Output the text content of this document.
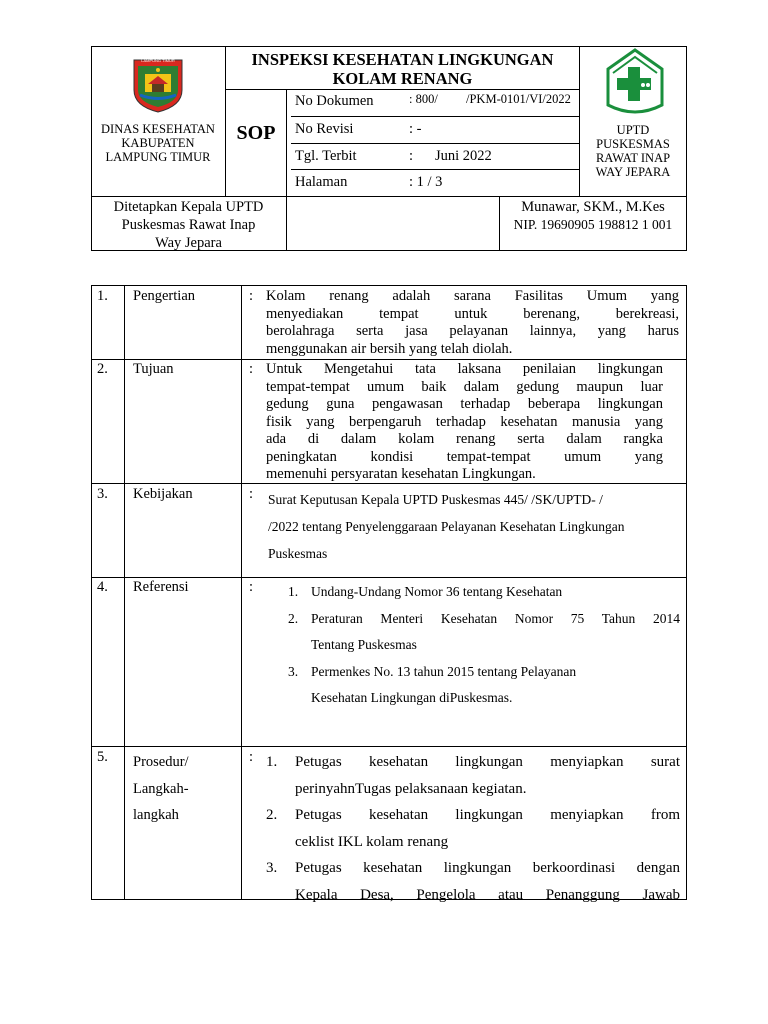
LAMPUNG TIMUR
DINAS KESEHATAN
KABUPATEN
LAMPUNG TIMUR
INSPEKSI KESEHATAN LINGKUNGAN
KOLAM RENANG
SOP
No Dokumen	: 800/ /PKM-0101/VI/2022
No Revisi	: -
Tgl. Terbit	: Juni 2022
Halaman	: 1 / 3
UPTD
PUSKESMAS
RAWAT INAP
WAY JEPARA
Ditetapkan Kepala UPTD
Puskesmas Rawat Inap
Way Jepara
Munawar, SKM., M.Kes
NIP. 19690905 198812 1 001
1. Pengertian	: Kolam renang adalah sarana Fasilitas Umum yang
menyediakan tempat untuk berenang, berekreasi,
berolahraga serta jasa pelayanan lainnya, yang harus
menggunakan air bersih yang telah diolah.
2. Tujuan	: Untuk Mengetahui tata laksana penilaian lingkungan
tempat-tempat umum baik dalam gedung maupun luar
gedung guna pengawasan terhadap beberapa lingkungan
fisik yang berpengaruh terhadap kesehatan manusia yang
ada di dalam kolam renang serta dalam rangka
peningkatan kondisi tempat-tempat umum yang
memenuhi persyaratan kesehatan Lingkungan.
3. Kebijakan	: Surat Keputusan Kepala UPTD Puskesmas 445/ /SK/UPTD- /
/2022 tentang Penyelenggaraan Pelayanan Kesehatan Lingkungan
Puskesmas
4. Referensi	:	1. Undang-Undang Nomor 36 tentang Kesehatan
2. Peraturan Menteri Kesehatan Nomor 75 Tahun 2014
Tentang Puskesmas
3. Permenkes No. 13 tahun 2015 tentang Pelayanan
Kesehatan Lingkungan diPuskesmas.
5. Prosedur/
Langkah-
langkah
: 1. Petugas kesehatan lingkungan menyiapkan surat
perinyahnTugas pelaksanaan kegiatan.
2. Petugas kesehatan lingkungan menyiapkan from
ceklist IKL kolam renang
3. Petugas kesehatan lingkungan berkoordinasi dengan
Kepala Desa, Pengelola atau Penanggung Jawab
